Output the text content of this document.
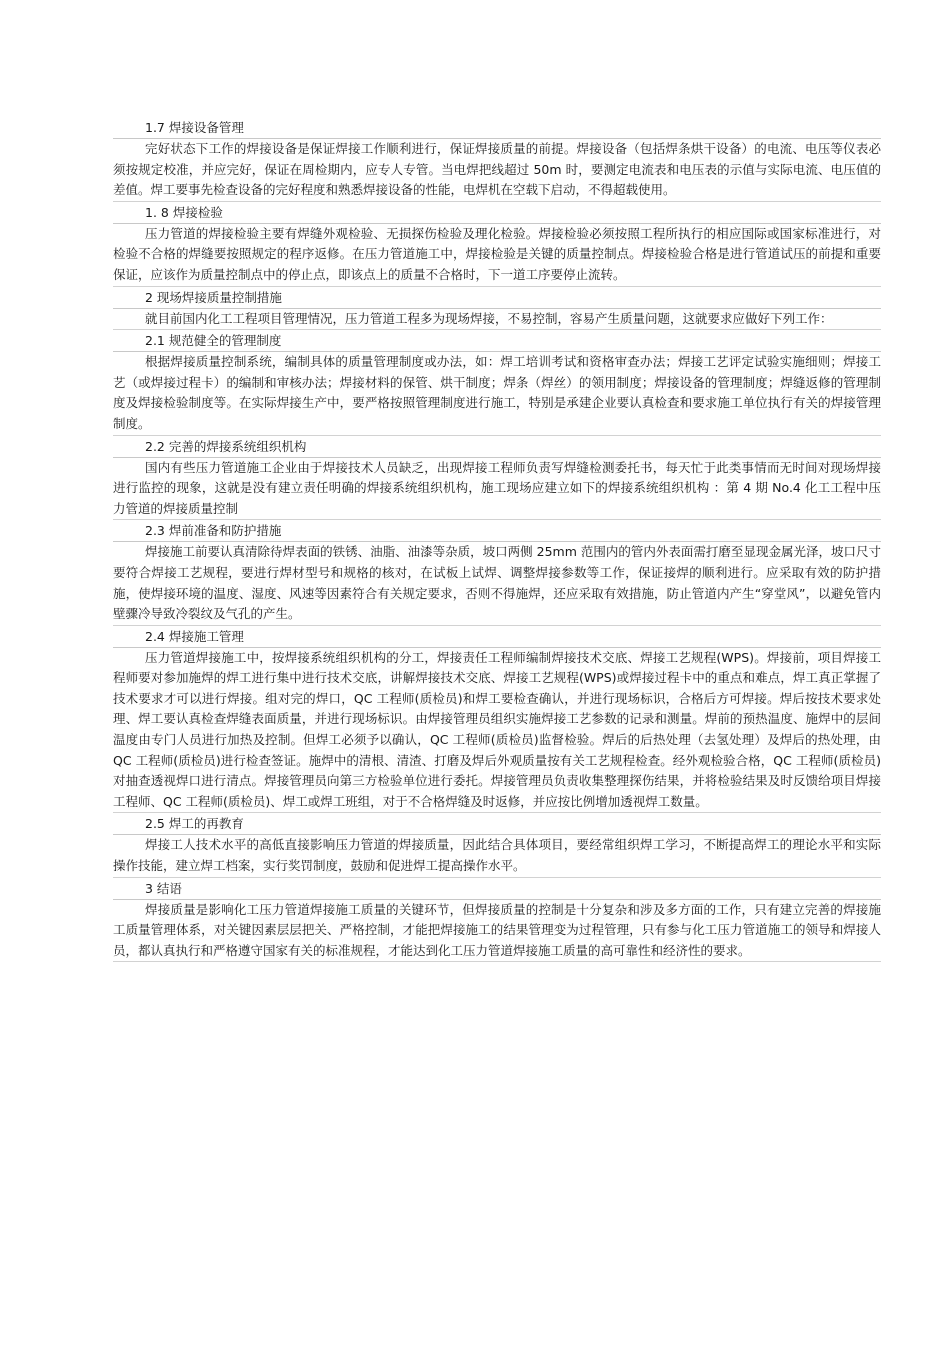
1.7 焊接设备管理

完好状态下工作的焊接设备是保证焊接工作顺利进行，保证焊接质量的前提。焊接设备（包括焊条烘干设备）的电流、电压等仪表必须按规定校准，并应完好，保证在周检期内，应专人专管。当电焊把线超过 50m 时，要测定电流表和电压表的示值与实际电流、电压值的差值。焊工要事先检查设备的完好程度和熟悉焊接设备的性能，电焊机在空载下启动，不得超载使用。

1. 8 焊接检验

压力管道的焊接检验主要有焊缝外观检验、无损探伤检验及理化检验。焊接检验必须按照工程所执行的相应国际或国家标准进行，对检验不合格的焊缝要按照规定的程序返修。在压力管道施工中，焊接检验是关键的质量控制点。焊接检验合格是进行管道试压的前提和重要保证，应该作为质量控制点中的停止点，即该点上的质量不合格时，下一道工序要停止流转。

2 现场焊接质量控制措施

就目前国内化工工程项目管理情况，压力管道工程多为现场焊接，不易控制，容易产生质量问题，这就要求应做好下列工作：

2.1 规范健全的管理制度

根据焊接质量控制系统，编制具体的质量管理制度或办法，如：焊工培训考试和资格审查办法；焊接工艺评定试验实施细则；焊接工艺（或焊接过程卡）的编制和审核办法；焊接材料的保管、烘干制度；焊条（焊丝）的领用制度；焊接设备的管理制度；焊缝返修的管理制度及焊接检验制度等。在实际焊接生产中，要严格按照管理制度进行施工，特别是承建企业要认真检查和要求施工单位执行有关的焊接管理制度。

2.2 完善的焊接系统组织机构

国内有些压力管道施工企业由于焊接技术人员缺乏，出现焊接工程师负责写焊缝检测委托书，每天忙于此类事情而无时间对现场焊接进行监控的现象，这就是没有建立责任明确的焊接系统组织机构，施工现场应建立如下的焊接系统组织机构 ：第 4 期 No.4 化工工程中压力管道的焊接质量控制

2.3 焊前准备和防护措施

焊接施工前要认真清除待焊表面的铁锈、油脂、油漆等杂质，坡口两侧 25mm 范围内的管内外表面需打磨至显现金属光泽，坡口尺寸要符合焊接工艺规程，要进行焊材型号和规格的核对，在试板上试焊、调整焊接参数等工作，保证接焊的顺利进行。应采取有效的防护措施，使焊接环境的温度、湿度、风速等因素符合有关规定要求，否则不得施焊，还应采取有效措施，防止管道内产生“穿堂风”，以避免管内壁骤冷导致冷裂纹及气孔的产生。

2.4 焊接施工管理

压力管道焊接施工中，按焊接系统组织机构的分工，焊接责任工程师编制焊接技术交底、焊接工艺规程(WPS)。焊接前，项目焊接工程师要对参加施焊的焊工进行集中进行技术交底，讲解焊接技术交底、焊接工艺规程(WPS)或焊接过程卡中的重点和难点，焊工真正掌握了技术要求才可以进行焊接。组对完的焊口，QC 工程师(质检员)和焊工要检查确认，并进行现场标识，合格后方可焊接。焊后按技术要求处理、焊工要认真检查焊缝表面质量，并进行现场标识。由焊接管理员组织实施焊接工艺参数的记录和测量。焊前的预热温度、施焊中的层间温度由专门人员进行加热及控制。但焊工必须予以确认，QC 工程师(质检员)监督检验。焊后的后热处理（去氢处理）及焊后的热处理，由 QC 工程师(质检员)进行检查签证。施焊中的清根、清渣、打磨及焊后外观质量按有关工艺规程检查。经外观检验合格，QC 工程师(质检员)对抽查透视焊口进行清点。焊接管理员向第三方检验单位进行委托。焊接管理员负责收集整理探伤结果，并将检验结果及时反馈给项目焊接工程师、QC 工程师(质检员)、焊工或焊工班组，对于不合格焊缝及时返修，并应按比例增加透视焊工数量。

2.5 焊工的再教育

焊接工人技术水平的高低直接影响压力管道的焊接质量，因此结合具体项目，要经常组织焊工学习，不断提高焊工的理论水平和实际操作技能，建立焊工档案，实行奖罚制度，鼓励和促进焊工提高操作水平。

3 结语

焊接质量是影响化工压力管道焊接施工质量的关键环节，但焊接质量的控制是十分复杂和涉及多方面的工作，只有建立完善的焊接施工质量管理体系，对关键因素层层把关、严格控制，才能把焊接施工的结果管理变为过程管理，只有参与化工压力管道施工的领导和焊接人员，都认真执行和严格遵守国家有关的标准规程，才能达到化工压力管道焊接施工质量的高可靠性和经济性的要求。
